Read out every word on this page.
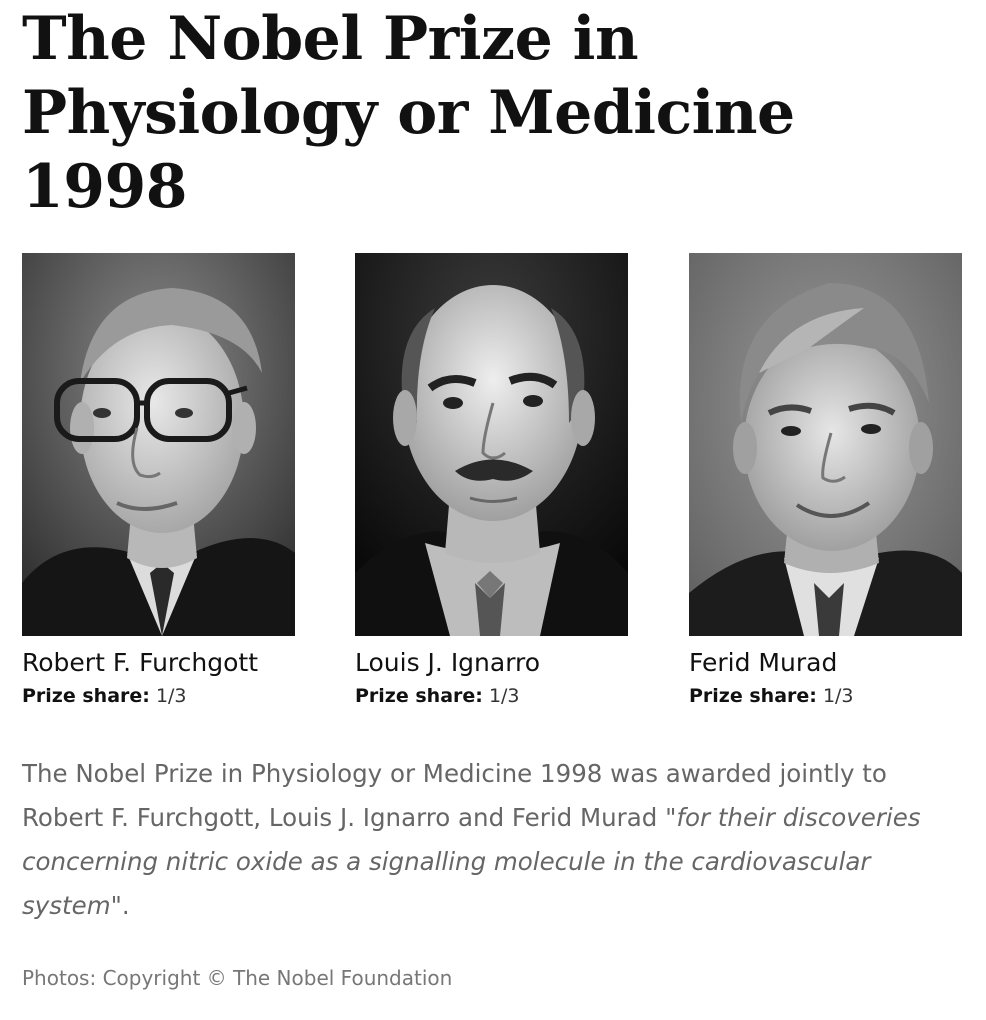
The Nobel Prize in Physiology or Medicine 1998
Robert F. Furchgott
Prize share: 1/3
Louis J. Ignarro
Prize share: 1/3
Ferid Murad
Prize share: 1/3

The Nobel Prize in Physiology or Medicine 1998 was awarded jointly to Robert F. Furchgott, Louis J. Ignarro and Ferid Murad "for their discoveries concerning nitric oxide as a signalling molecule in the cardiovascular system".

Photos: Copyright © The Nobel Foundation
